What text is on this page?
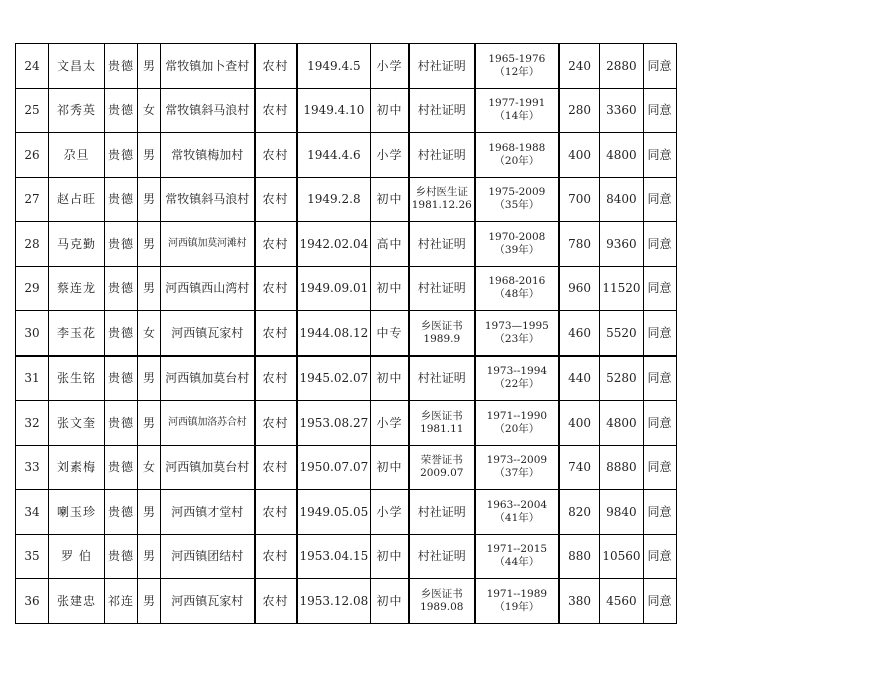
24	文昌太	贵德	男	常牧镇加卜查村	农村	1949.4.5	小学	村社证明	1965-1976 （12年）	240	2880	同意
25	祁秀英	贵德	女	常牧镇斜马浪村	农村	1949.4.10	初中	村社证明	1977-1991 （14年）	280	3360	同意
26	尕旦	贵德	男	常牧镇梅加村	农村	1944.4.6	小学	村社证明	1968-1988 （20年）	400	4800	同意
27	赵占旺	贵德	男	常牧镇斜马浪村	农村	1949.2.8	初中	乡村医生证 1981.12.26	1975-2009 （35年）	700	8400	同意
28	马克勤	贵德	男	河西镇加莫河滩村	农村	1942.02.04	高中	村社证明	1970-2008 （39年）	780	9360	同意
29	蔡连龙	贵德	男	河西镇西山湾村	农村	1949.09.01	初中	村社证明	1968-2016（48年）	960	11520	同意
30	李玉花	贵德	女	河西镇瓦家村	农村	1944.08.12	中专	乡医证书 1989.9	1973—1995 （23年）	460	5520	同意
31	张生铭	贵德	男	河西镇加莫台村	农村	1945.02.07	初中	村社证明	1973--1994 （22年）	440	5280	同意
32	张文奎	贵德	男	河西镇加洛苏合村	农村	1953.08.27	小学	乡医证书 1981.11	1971--1990 （20年）	400	4800	同意
33	刘素梅	贵德	女	河西镇加莫台村	农村	1950.07.07	初中	荣誉证书 2009.07	1973--2009 （37年）	740	8880	同意
34	喇玉珍	贵德	男	河西镇才堂村	农村	1949.05.05	小学	村社证明	1963--2004 （41年）	820	9840	同意
35	罗 伯	贵德	男	河西镇团结村	农村	1953.04.15	初中	村社证明	1971--2015 （44年）	880	10560	同意
36	张建忠	祁连	男	河西镇瓦家村	农村	1953.12.08	初中	乡医证书 1989.08	1971--1989 （19年）	380	4560	同意
